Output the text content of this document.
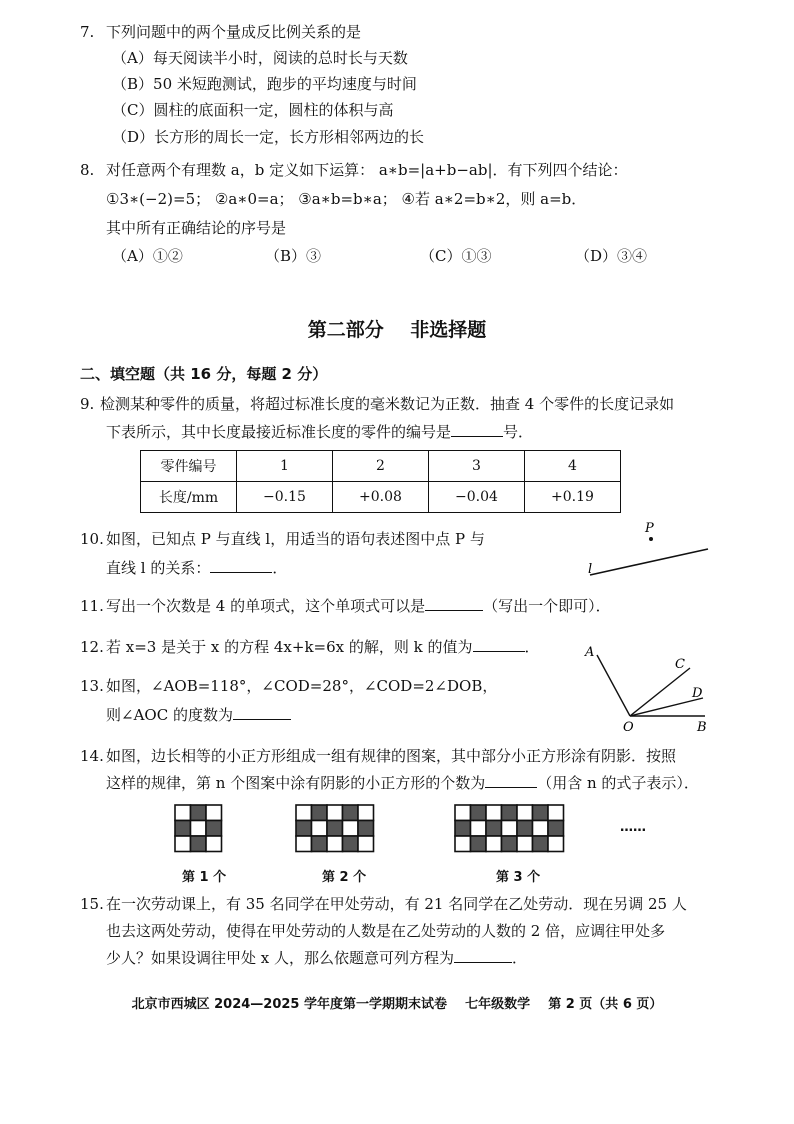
7. 下列问题中的两个量成反比例关系的是
（A）每天阅读半小时，阅读的总时长与天数
（B）50 米短跑测试，跑步的平均速度与时间
（C）圆柱的底面积一定，圆柱的体积与高
（D）长方形的周长一定，长方形相邻两边的长
8. 对任意两个有理数 a，b 定义如下运算： a∗b=|a+b−ab|．有下列四个结论：
①3∗(−2)=5； ②a∗0=a； ③a∗b=b∗a； ④若 a∗2=b∗2，则 a=b．
其中所有正确结论的序号是
（A）①②	（B）③	（C）①③	（D）③④
第二部分    非选择题
二、填空题（共 16 分，每题 2 分）
9. 检测某种零件的质量，将超过标准长度的毫米数记为正数．抽查 4 个零件的长度记录如
下表所示，其中长度最接近标准长度的零件的编号是	号．
零件编号	1	2	3	4
长度/mm	−0.15	+0.08	−0.04	+0.19
10. 如图，已知点 P 与直线 l，用适当的语句表述图中点 P 与
直线 l 的关系：	．
P
l
11. 写出一个次数是 4 的单项式，这个单项式可以是	（写出一个即可）．
12. 若 x=3 是关于 x 的方程 4x+k=6x 的解，则 k 的值为	．
13. 如图，∠AOB=118°，∠COD=28°，∠COD=2∠DOB，
则∠AOC 的度数为
A
C
D
B
O
14. 如图，边长相等的小正方形组成一组有规律的图案，其中部分小正方形涂有阴影．按照
这样的规律，第 n 个图案中涂有阴影的小正方形的个数为	（用含 n 的式子表示）．
……
第 1 个	第 2 个	第 3 个
15. 在一次劳动课上，有 35 名同学在甲处劳动，有 21 名同学在乙处劳动．现在另调 25 人
也去这两处劳动，使得在甲处劳动的人数是在乙处劳动的人数的 2 倍，应调往甲处多
少人？如果设调往甲处 x 人，那么依题意可列方程为	．
北京市西城区 2024—2025 学年度第一学期期末试卷    七年级数学    第 2 页（共 6 页）
